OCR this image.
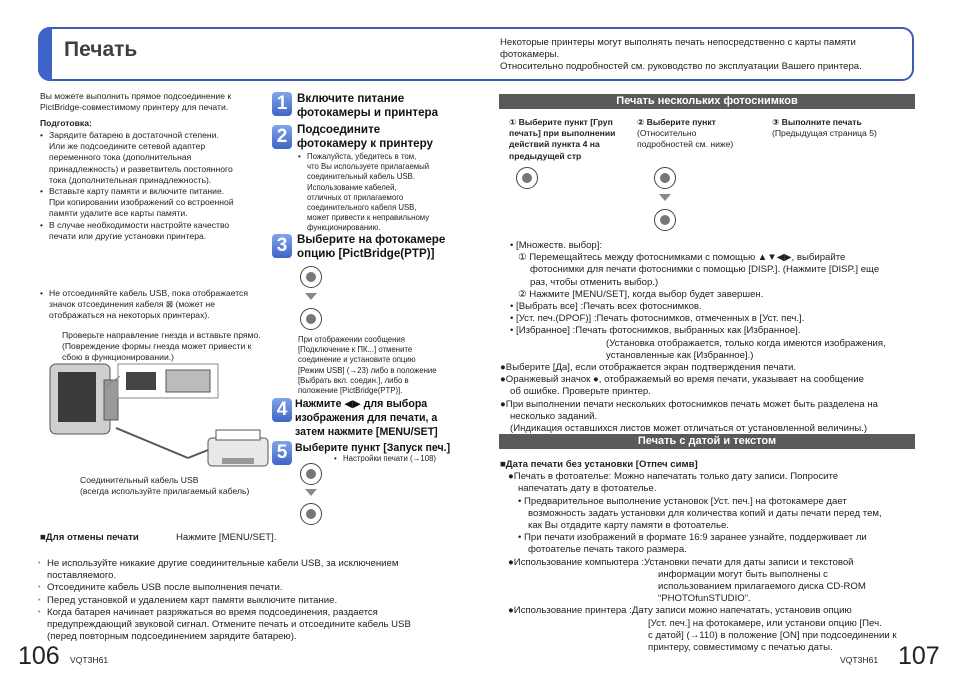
Печать	Некоторые принтеры могут выполнять печать непосредственно с карты памяти
фотокамеры.
Относительно подробностей см. руководство по эксплуатации Вашего принтера.
Вы можете выполнить прямое подсоединение к
PictBridge-совместимому принтеру для печати.
Подготовка:
• Зарядите батарею в достаточной степени.
Или же подсоедините сетевой адаптер
переменного тока (дополнительная
принадлежность) и разветвитель постоянного
тока (дополнительная принадлежность).
• Вставьте карту памяти и включите питание.
При копировании изображений со встроенной
памяти удалите все карты памяти.
• В случае необходимости настройте качество
печати или другие установки принтера.
• Не отсоединяйте кабель USB, пока отображается
значок отсоединения кабеля ⊠ (может не
отображаться на некоторых принтерах).
Проверьте направление гнезда и вставьте прямо.
(Повреждение формы гнезда может привести к
сбою в функционировании.)
Соединительный кабель USB
(всегда используйте прилагаемый кабель)
■Для отмены печати	Нажмите [MENU/SET].
• Не используйте никакие другие соединительные кабели USB, за исключением
поставляемого.
• Отсоедините кабель USB после выполнения печати.
• Перед установкой и удалением карт памяти выключите питание.
• Когда батарея начинает разряжаться во время подсоединения, раздается
предупреждающий звуковой сигнал. Отмените печать и отсоедините кабель USB
(перед повторным подсоединением зарядите батарею).
1 Включите питание
фотокамеры и принтера
2 Подсоедините
фотокамеру к принтеру
• Пожалуйста, убедитесь в том,
что Вы используете прилагаемый
соединительный кабель USB.
Использование кабелей,
отличных от прилагаемого
соединительного кабеля USB,
может привести к неправильному
функционированию.
3 Выберите на фотокамере
опцию [PictBridge(PTP)]
При отображении сообщения
[Подключение к ПК...] отмените
соединение и установите опцию
[Режим USB] (→23) либо в положение
[Выбрать вкл. соедин.], либо в
положение [PictBridge(PTP)].
4 Нажмите ◀▶ для выбора
изображения для печати, а
затем нажмите [MENU/SET]
5 Выберите пункт [Запуск печ.]
• Настройки печати (→108)
Печать нескольких фотоснимков
① Выберите пункт [Груп
печать] при выполнении
действий пункта 4 на
предыдущей стр
② Выберите пункт
(Относительно
подробностей см. ниже)
③ Выполните печать
(Предыдущая страница 5)
• [Множеств. выбор]:
① Перемещайтесь между фотоснимками с помощью ▲▼◀▶, выбирайте
фотоснимки для печати фотоснимки с помощью [DISP.]. (Нажмите [DISP.] еще
раз, чтобы отменить выбор.)
② Нажмите [MENU/SET], когда выбор будет завершен.
• [Выбрать все] :Печать всех фотоснимков.
• [Уст. печ.(DPOF)] :Печать фотоснимков, отмеченных в [Уст. печ.].
• [Избранное] :Печать фотоснимков, выбранных как [Избранное].
(Установка отображается, только когда имеются изображения,
установленные как [Избранное].)
●Выберите [Да], если отображается экран подтверждения печати.
●Оранжевый значок ●, отображаемый во время печати, указывает на сообщение
об ошибке. Проверьте принтер.
●При выполнении печати нескольких фотоснимков печать может быть разделена на
несколько заданий.
(Индикация оставшихся листов может отличаться от установленной величины.)
Печать с датой и текстом
■Дата печати без установки [Отпеч симв]
●Печать в фотоателье: Можно напечатать только дату записи. Попросите
напечатать дату в фотоателье.
• Предварительное выполнение установок [Уст. печ.] на фотокамере дает
возможность задать установки для количества копий и даты печати перед тем,
как Вы отдадите карту памяти в фотоателье.
• При печати изображений в формате 16:9 заранее узнайте, поддерживает ли
фотоателье печать такого размера.
●Использование компьютера :Установки печати для даты записи и текстовой
информации могут быть выполнены с
использованием прилагаемого диска CD-ROM
“PHOTOfunSTUDIO”.
●Использование принтера :Дату записи можно напечатать, установив опцию
[Уст. печ.] на фотокамере, или установи опцию [Печ.
с датой] (→110) в положение [ON] при подсоединении к
принтеру, совместимому с печатью даты.
106 VQT3H61	VQT3H61 107
